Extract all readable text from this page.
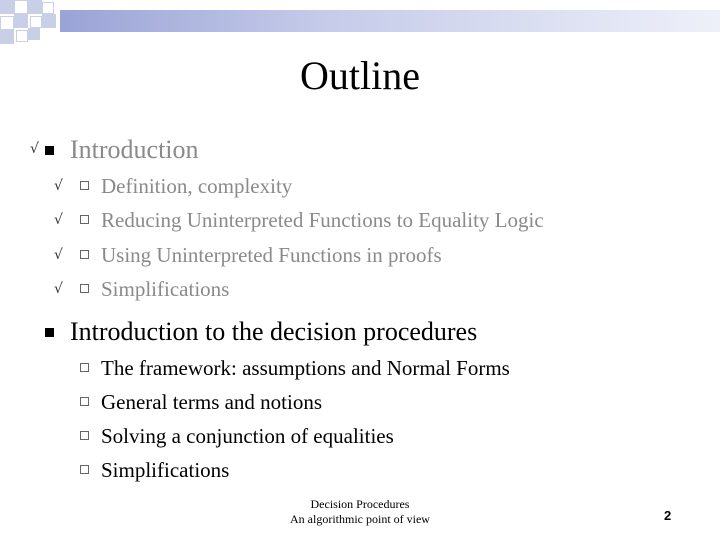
Outline
√ Introduction
√ Definition, complexity
√ Reducing Uninterpreted Functions to Equality Logic
√ Using Uninterpreted Functions in proofs
√ Simplifications
Introduction to the decision procedures
The framework: assumptions and Normal Forms
General terms and notions
Solving a conjunction of equalities
Simplifications
Decision Procedures
An algorithmic point of view	2
